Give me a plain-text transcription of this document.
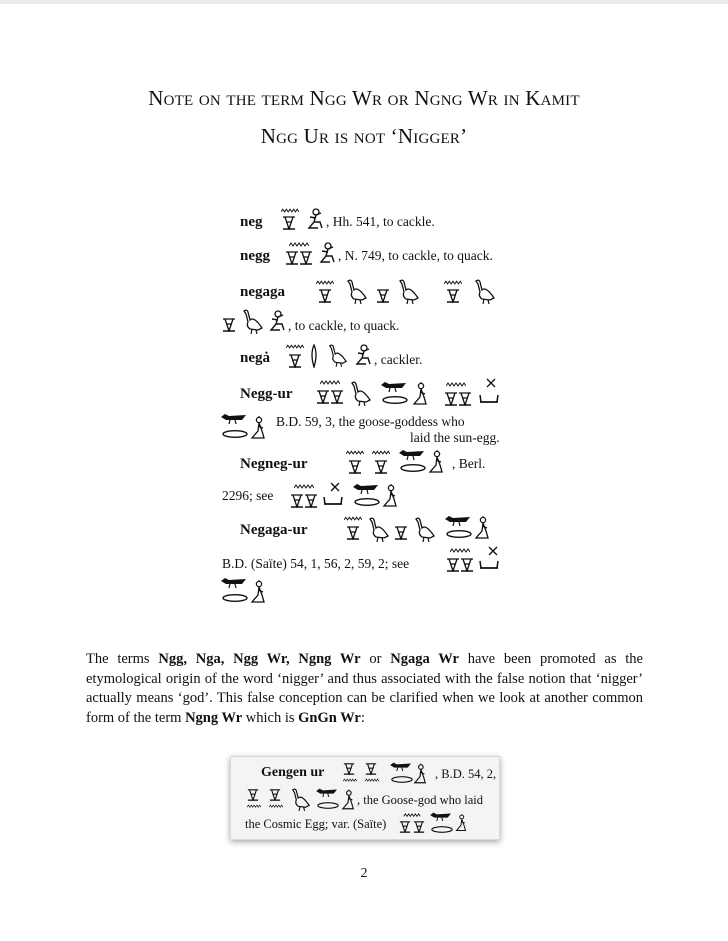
Note on the term Ngg Wr or Ngng Wr in Kamit
Ngg Ur is not ‘Nigger’
neg	, Hh. 541, to cackle.
negg	, N. 749, to cackle, to quack.
negaga
, to cackle, to quack.
negȧ	, cackler.
Negg-ur
B.D. 59, 3, the goose-goddess who
laid the sun-egg.
Negneg-ur	, Berl.
2296; see
Negaga-ur
B.D. (Saïte) 54, 1, 56, 2, 59, 2; see
The terms Ngg, Nga, Ngg Wr, Ngng Wr or Ngaga Wr have been promoted as the etymological origin of the word ‘nigger’ and thus associated with the false notion that ‘nigger’ actually means ‘god’. This false conception can be clarified when we look at another common form of the term Ngng Wr which is GnGn Wr:
Gengen ur	, B.D. 54, 2,
, the Goose-god who laid
the Cosmic Egg; var. (Saïte)
2
